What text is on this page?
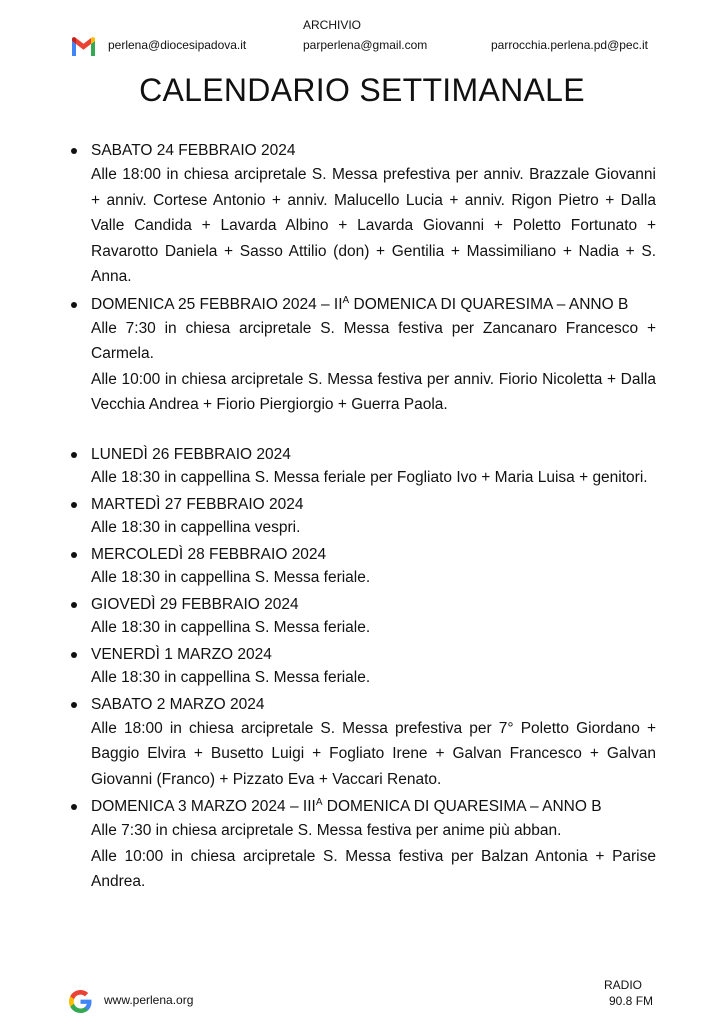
ARCHIVIO
perlena@diocesipadova.it	parperlena@gmail.com	parrocchia.perlena.pd@pec.it
CALENDARIO SETTIMANALE

SABATO 24 FEBBRAIO 2024

Alle 18:00 in chiesa arcipretale S. Messa prefestiva per anniv. Brazzale Giovanni + anniv. Cortese Antonio + anniv. Malucello Lucia + anniv. Rigon Pietro + Dalla Valle Candida + Lavarda Albino + Lavarda Giovanni + Poletto Fortunato + Ravarotto Daniela + Sasso Attilio (don) + Gentilia + Massimiliano + Nadia + S. Anna.

DOMENICA 25 FEBBRAIO $2024 - II^A$ DOMENICA DI QUARESIMA – ANNO B

Alle 7:30 in chiesa arcipretale S. Messa festiva per Zancanaro Francesco + Carmela.

Alle 10:00 in chiesa arcipretale S. Messa festiva per anniv. Fiorio Nicoletta + Dalla Vecchia Andrea + Fiorio Piergiorgio + Guerra Paola.

LUNEDÌ 26 FEBBRAIO 2024

Alle 18:30 in cappellina S. Messa feriale per Fogliato Ivo + Maria Luisa + genitori.

MARTEDÌ 27 FEBBRAIO 2024

Alle 18:30 in cappellina vespri.

MERCOLEDÌ 28 FEBBRAIO 2024

Alle 18:30 in cappellina S. Messa feriale.

GIOVEDÌ 29 FEBBRAIO 2024

Alle 18:30 in cappellina S. Messa feriale.

VENERDÌ 1 MARZO 2024

Alle 18:30 in cappellina S. Messa feriale.

SABATO 2 MARZO 2024

Alle 18:00 in chiesa arcipretale S. Messa prefestiva per 7° Poletto Giordano + Baggio Elvira + Busetto Luigi + Fogliato Irene + Galvan Francesco + Galvan Giovanni (Franco) + Pizzato Eva + Vaccari Renato.

DOMENICA 3 MARZO $2024 - III^A$ DOMENICA DI QUARESIMA – ANNO B

Alle 7:30 in chiesa arcipretale S. Messa festiva per anime più abban.

Alle 10:00 in chiesa arcipretale S. Messa festiva per Balzan Antonia + Parise Andrea.

www.perlena.org
RADIO
90.8 FM
